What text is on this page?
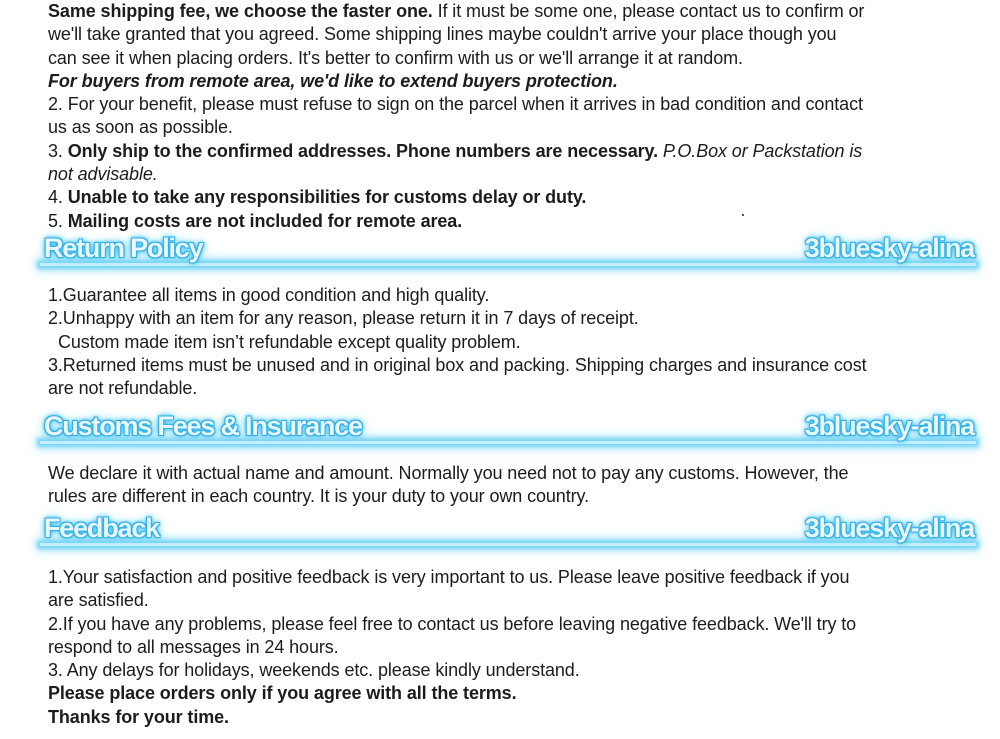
Same shipping fee, we choose the faster one. If it must be some one, please contact us to confirm or

we'll take granted that you agreed. Some shipping lines maybe couldn't arrive your place though you

can see it when placing orders. It's better to confirm with us or we'll arrange it at random.

For buyers from remote area, we'd like to extend buyers protection.

2. For your benefit, please must refuse to sign on the parcel when it arrives in bad condition and contact

us as soon as possible.

3. Only ship to the confirmed addresses. Phone numbers are necessary. P.O.Box or Packstation is

not advisable.

4. Unable to take any responsibilities for customs delay or duty.

5. Mailing costs are not included for remote area.

Return Policy	3bluesky-alina

1.Guarantee all items in good condition and high quality.

2.Unhappy with an item for any reason, please return it in 7 days of receipt.

Custom made item isn’t refundable except quality problem.

3.Returned items must be unused and in original box and packing. Shipping charges and insurance cost

are not refundable.

Customs Fees & Insurance	3bluesky-alina

We declare it with actual name and amount. Normally you need not to pay any customs. However, the

rules are different in each country. It is your duty to your own country.

Feedback	3bluesky-alina

1.Your satisfaction and positive feedback is very important to us. Please leave positive feedback if you

are satisfied.

2.If you have any problems, please feel free to contact us before leaving negative feedback. We'll try to

respond to all messages in 24 hours.

3. Any delays for holidays, weekends etc. please kindly understand.

Please place orders only if you agree with all the terms.

Thanks for your time.
